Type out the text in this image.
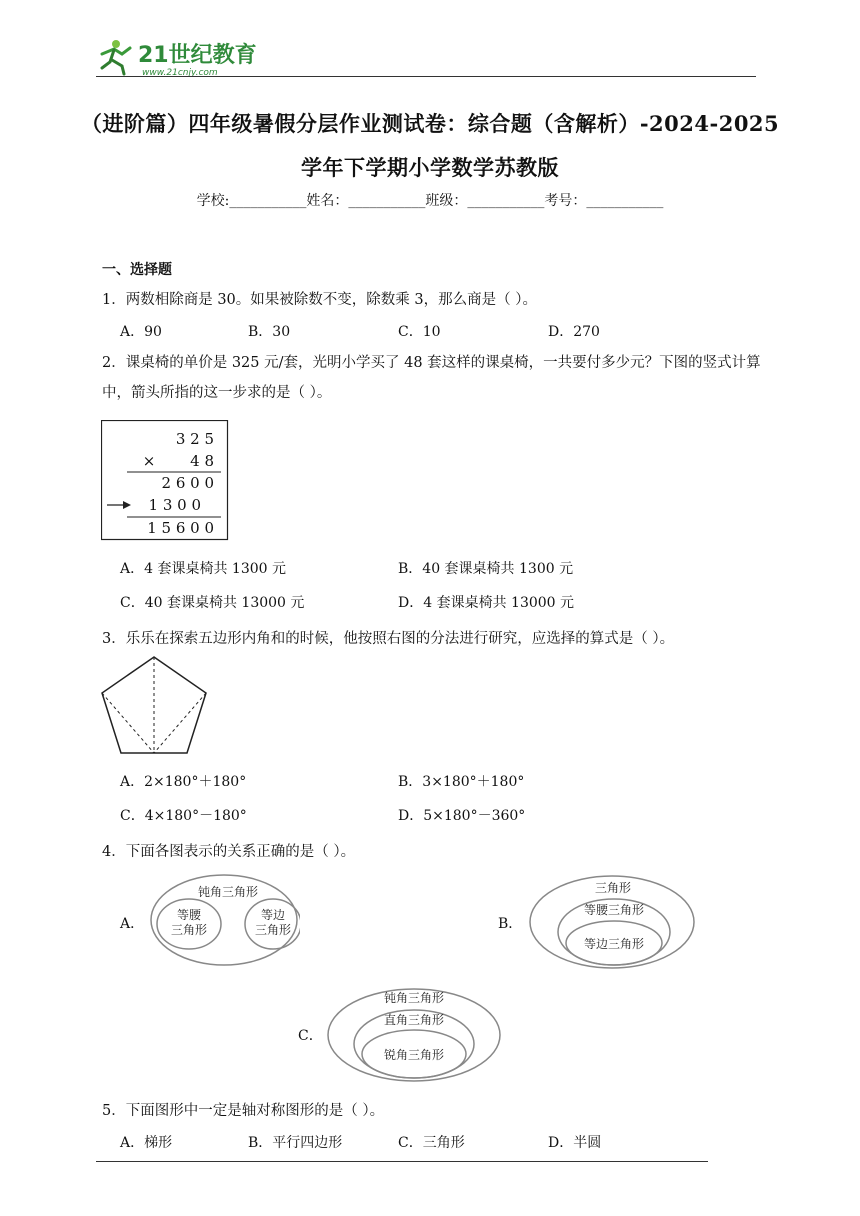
21世纪教育
www.21cnjy.com
（进阶篇）四年级暑假分层作业测试卷：综合题（含解析）-2024-2025
学年下学期小学数学苏教版
学校:___________姓名：___________班级：___________考号：___________
一、选择题
1．两数相除商是 30。如果被除数不变，除数乘 3，那么商是（ ）。
A．90	B．30	C．10	D．270
2．课桌椅的单价是 325 元/套，光明小学买了 48 套这样的课桌椅，一共要付多少元？下图的竖式计算中，箭头所指的这一步求的是（ ）。
3 2 5
× 4 8
2 6 0 0
1 3 0 0
1 5 6 0 0
A．4 套课桌椅共 1300 元	B．40 套课桌椅共 1300 元
C．40 套课桌椅共 13000 元	D．4 套课桌椅共 13000 元
3．乐乐在探索五边形内角和的时候，他按照右图的分法进行研究，应选择的算式是（ ）。
A．2×180°＋180°	B．3×180°＋180°
C．4×180°－180°	D．5×180°－360°
4．下面各图表示的关系正确的是（ ）。
A．
钝角三角形
等腰
三角形
等边
三角形	B．
三角形
等腰三角形
等边三角形
C．
钝角三角形
直角三角形
锐角三角形
5．下面图形中一定是轴对称图形的是（ ）。
A．梯形	B．平行四边形	C．三角形	D．半圆
